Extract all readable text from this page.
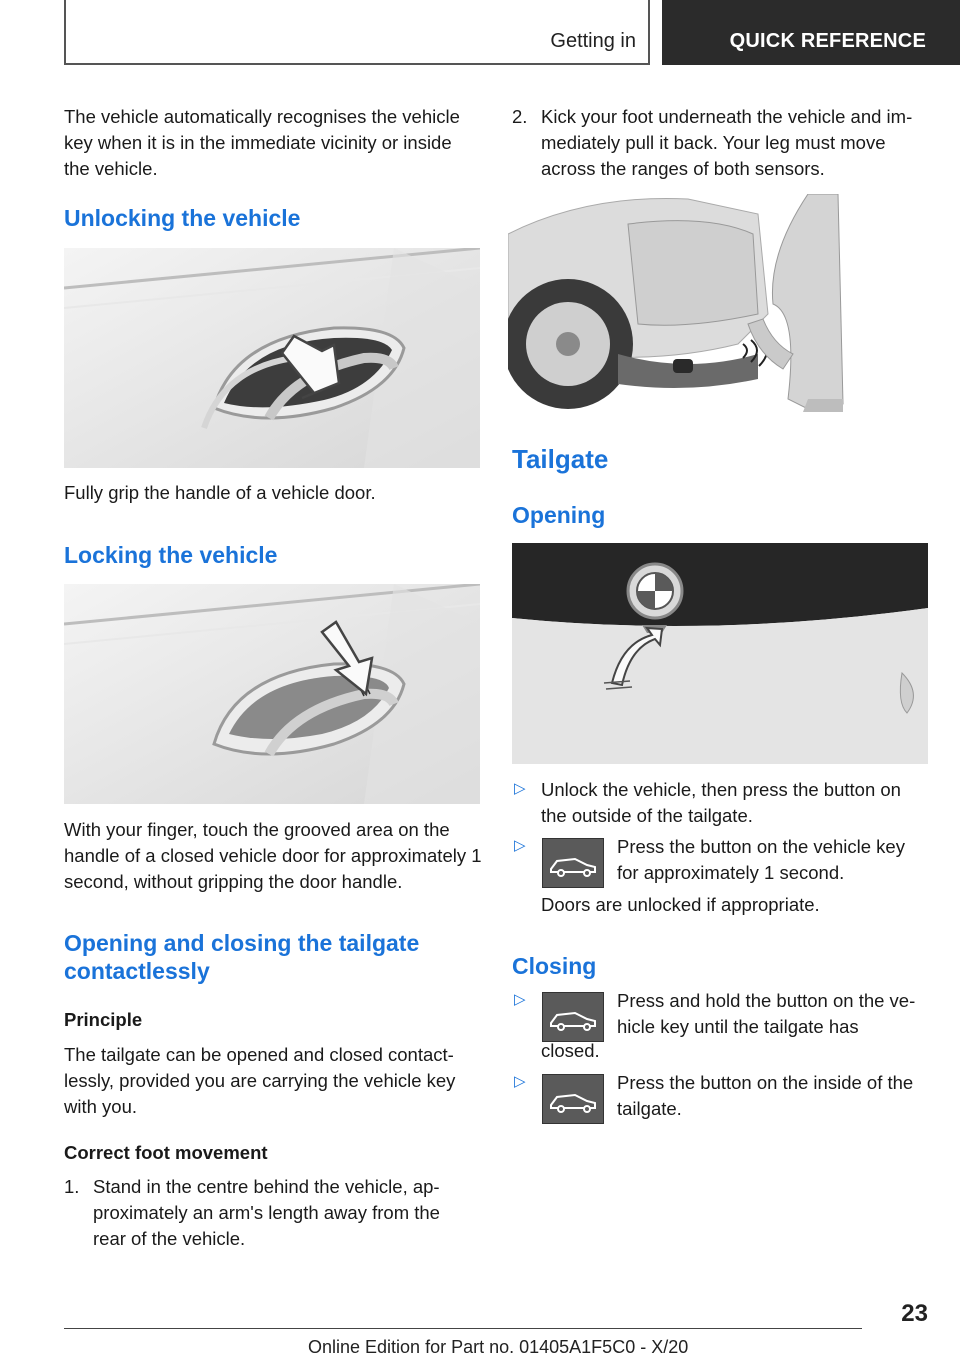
Getting in	QUICK REFERENCE

The vehicle automatically recognises the vehicle key when it is in the immediate vicinity or inside the vehicle.

Unlocking the vehicle

Fully grip the handle of a vehicle door.

Locking the vehicle

With your finger, touch the grooved area on the handle of a closed vehicle door for approximately 1 second, without gripping the door handle.

Opening and closing the tailgate contactlessly

Principle

The tailgate can be opened and closed contact-lessly, provided you are carrying the vehicle key with you.

Correct foot movement

1. Stand in the centre behind the vehicle, ap-proximately an arm's length away from the rear of the vehicle.

2. Kick your foot underneath the vehicle and im-mediately pull it back. Your leg must move across the ranges of both sensors.

Tailgate

Opening

▷ Unlock the vehicle, then press the button on the outside of the tailgate.

▷	Press the button on the vehicle key for approximately 1 second.

Doors are unlocked if appropriate.

Closing

▷	Press and hold the button on the ve-hicle key until the tailgate has

closed.

▷	Press the button on the inside of the tailgate.

23
Online Edition for Part no. 01405A1F5C0 - X/20
